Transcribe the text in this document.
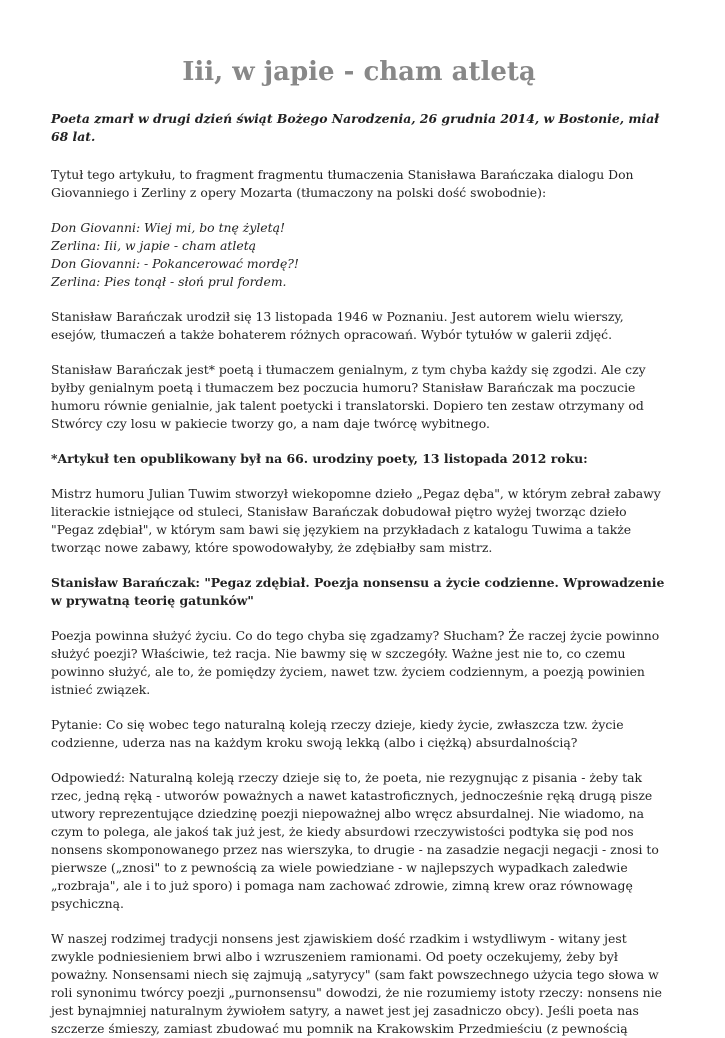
Iii, w japie - cham atletą

Poeta zmarł w drugi dzień świąt Bożego Narodzenia, 26 grudnia 2014, w Bostonie, miał 68 lat.

Tytuł tego artykułu, to fragment fragmentu tłumaczenia Stanisława Barańczaka dialogu Don Giovanniego i Zerliny z opery Mozarta (tłumaczony na polski dość swobodnie):

Don Giovanni: Wiej mi, bo tnę żyletą!
Zerlina: Iii, w japie - cham atletą
Don Giovanni: - Pokancerować mordę?!
Zerlina: Pies tonął - słoń prul fordem.

Stanisław Barańczak urodził się 13 listopada 1946 w Poznaniu. Jest autorem wielu wierszy, esejów, tłumaczeń a także bohaterem różnych opracowań. Wybór tytułów w galerii zdjęć.

Stanisław Barańczak jest* poetą i tłumaczem genialnym, z tym chyba każdy się zgodzi. Ale czy byłby genialnym poetą i tłumaczem bez poczucia humoru? Stanisław Barańczak ma poczucie humoru równie genialnie, jak talent poetycki i translatorski. Dopiero ten zestaw otrzymany od Stwórcy czy losu w pakiecie tworzy go, a nam daje twórcę wybitnego.

*Artykuł ten opublikowany był na 66. urodziny poety, 13 listopada 2012 roku:

Mistrz humoru Julian Tuwim stworzył wiekopomne dzieło „Pegaz dęba", w którym zebrał zabawy literackie istniejące od stuleci, Stanisław Barańczak dobudował piętro wyżej tworząc dzieło "Pegaz zdębiał", w którym sam bawi się językiem na przykładach z katalogu Tuwima a także tworząc nowe zabawy, które spowodowałyby, że zdębiałby sam mistrz.

Stanisław Barańczak: "Pegaz zdębiał. Poezja nonsensu a życie codzienne. Wprowadzenie w prywatną teorię gatunków"

Poezja powinna służyć życiu. Co do tego chyba się zgadzamy? Słucham? Że raczej życie powinno służyć poezji? Właściwie, też racja. Nie bawmy się w szczegóły. Ważne jest nie to, co czemu powinno służyć, ale to, że pomiędzy życiem, nawet tzw. życiem codziennym, a poezją powinien istnieć związek.

Pytanie: Co się wobec tego naturalną koleją rzeczy dzieje, kiedy życie, zwłaszcza tzw. życie codzienne, uderza nas na każdym kroku swoją lekką (albo i ciężką) absurdalnością?

Odpowiedź: Naturalną koleją rzeczy dzieje się to, że poeta, nie rezygnując z pisania - żeby tak rzec, jedną ręką - utworów poważnych a nawet katastroficznych, jednocześnie ręką drugą pisze utwory reprezentujące dziedzinę poezji niepoważnej albo wręcz absurdalnej. Nie wiadomo, na czym to polega, ale jakoś tak już jest, że kiedy absurdowi rzeczywistości podtyka się pod nos nonsens skomponowanego przez nas wierszyka, to drugie - na zasadzie negacji negacji - znosi to pierwsze („znosi" to z pewnością za wiele powiedziane - w najlepszych wypadkach zaledwie „rozbraja", ale i to już sporo) i pomaga nam zachować zdrowie, zimną krew oraz równowagę psychiczną.

W naszej rodzimej tradycji nonsens jest zjawiskiem dość rzadkim i wstydliwym - witany jest zwykle podniesieniem brwi albo i wzruszeniem ramionami. Od poety oczekujemy, żeby był poważny. Nonsensami niech się zajmują „satyrycy" (sam fakt powszechnego użycia tego słowa w roli synonimu twórcy poezji „purnonsensu" dowodzi, że nie rozumiemy istoty rzeczy: nonsens nie jest bynajmniej naturalnym żywiołem satyry, a nawet jest jej zasadniczo obcy). Jeśli poeta nas szczerze śmieszy, zamiast zbudować mu pomnik na Krakowskim Przedmieściu (z pewnością
